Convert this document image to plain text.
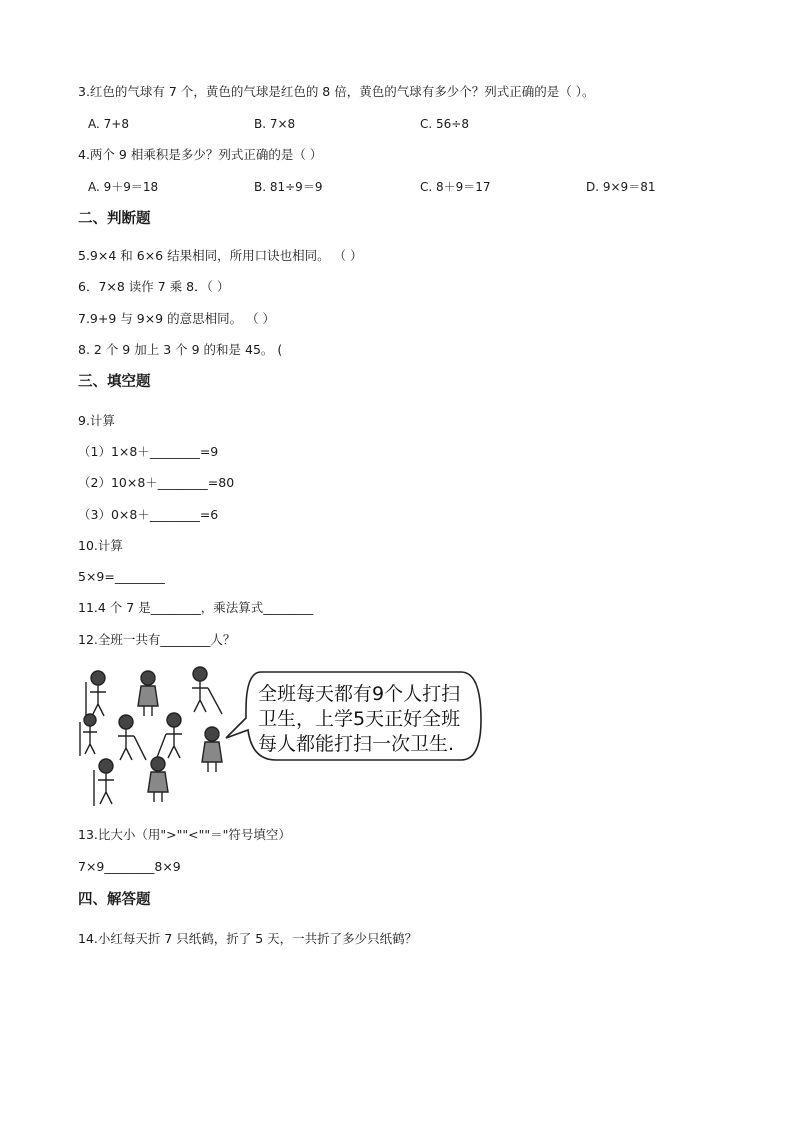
3.红色的气球有 7 个，黄色的气球是红色的 8 倍，黄色的气球有多少个？列式正确的是（ ）。
A. 7+8	B. 7×8	C. 56÷8
4.两个 9 相乘积是多少？列式正确的是（ ）
A. 9＋9＝18	B. 81÷9＝9	C. 8＋9＝17	D. 9×9＝81
二、判断题
5.9×4 和 6×6 结果相同，所用口诀也相同。 （ ）
6．7×8 读作 7 乘 8．（ ）
7.9+9 与 9×9 的意思相同。 （ ）
8. 2 个 9 加上 3 个 9 的和是 45。 (
三、填空题
9.计算
（1）1×8＋________=9
（2）10×8＋________=80
（3）0×8＋________=6
10.计算
5×9=________
11.4 个 7 是________，乘法算式________
12.全班一共有________人？
全班每天都有9个人打扫
卫生，上学5天正好全班
每人都能打扫一次卫生.
13.比大小（用">""<""＝"符号填空）
7×9________8×9
四、解答题
14.小红每天折 7 只纸鹤，折了 5 天，一共折了多少只纸鹤？
